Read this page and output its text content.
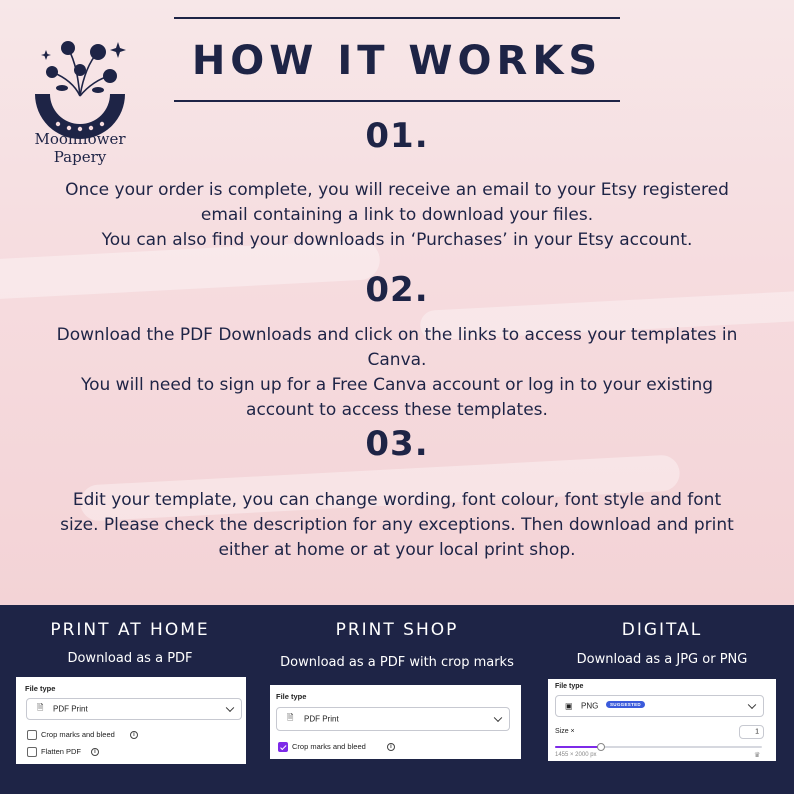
HOW IT WORKS
Moonflower
Papery
01.
Once your order is complete, you will receive an email to your Etsy registered
email containing a link to download your files.
You can also find your downloads in ‘Purchases’ in your Etsy account.
02.
Download the PDF Downloads and click on the links to access your templates in
Canva.
You will need to sign up for a Free Canva account or log in to your existing
account to access these templates.
03.
Edit your template, you can change wording, font colour, font style and font
size. Please check the description for any exceptions. Then download and print
either at home or at your local print shop.
PRINT AT HOME
Download as a PDF
File type
🗎 PDF Print
Crop marks and bleed	i
Flatten PDF	i
PRINT SHOP
Download as a PDF with crop marks
File type
🗎 PDF Print
Crop marks and bleed	i
DIGITAL
Download as a JPG or PNG
File type
▣ PNG	SUGGESTED
Size ×	1
1455 × 2000 px	♛
